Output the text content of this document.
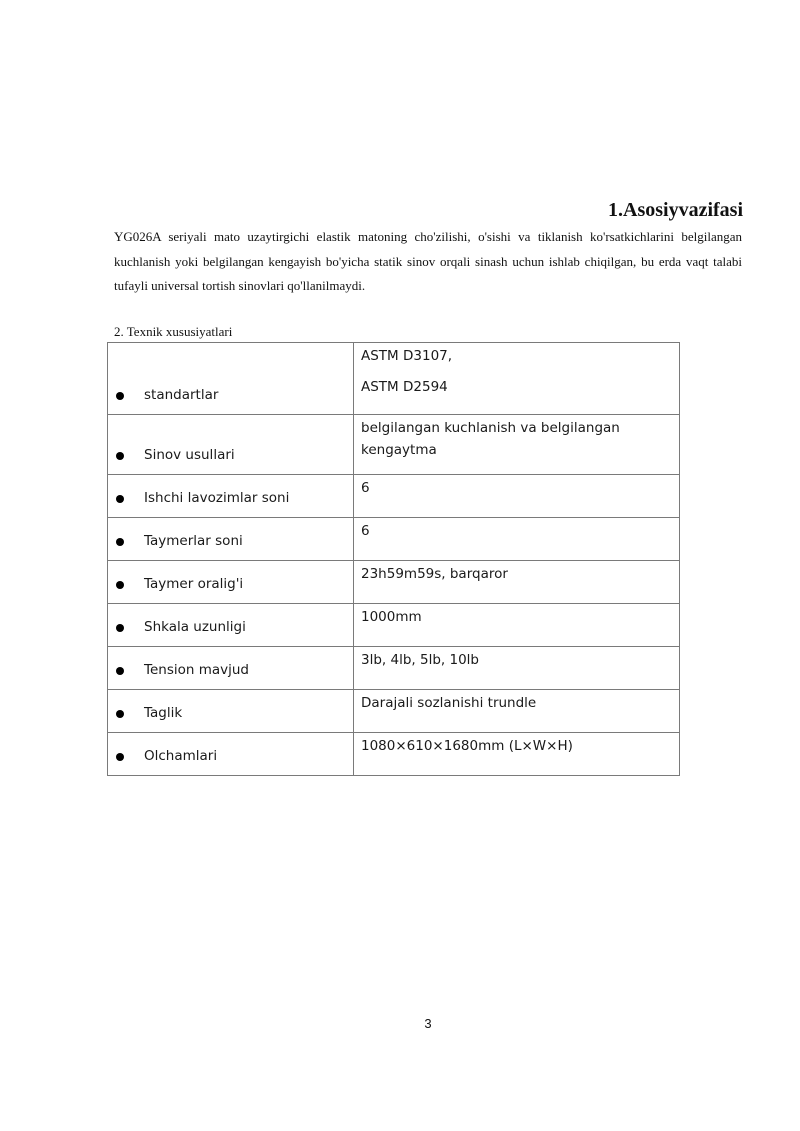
1.Asosiyvazifasi

YG026A seriyali mato uzaytirgichi elastik matoning cho'zilishi, o'sishi va tiklanish ko'rsatkichlarini belgilangan kuchlanish yoki belgilangan kengayish bo'yicha statik sinov orqali sinash uchun ishlab chiqilgan, bu erda vaqt talabi tufayli universal tortish sinovlari qo'llanilmaydi.

2. Texnik xususiyatlari

standartlar	ASTM D3107,

ASTM D2594

Sinov usullari	belgilangan kuchlanish va belgilangan kengaytma

Ishchi lavozimlar soni	6

Taymerlar soni	6

Taymer oralig'i	23h59m59s, barqaror

Shkala uzunligi	1000mm

Tension mavjud	3lb, 4lb, 5lb, 10lb

Taglik	Darajali sozlanishi trundle

Olchamlari	1080×610×1680mm (L×W×H)

3
